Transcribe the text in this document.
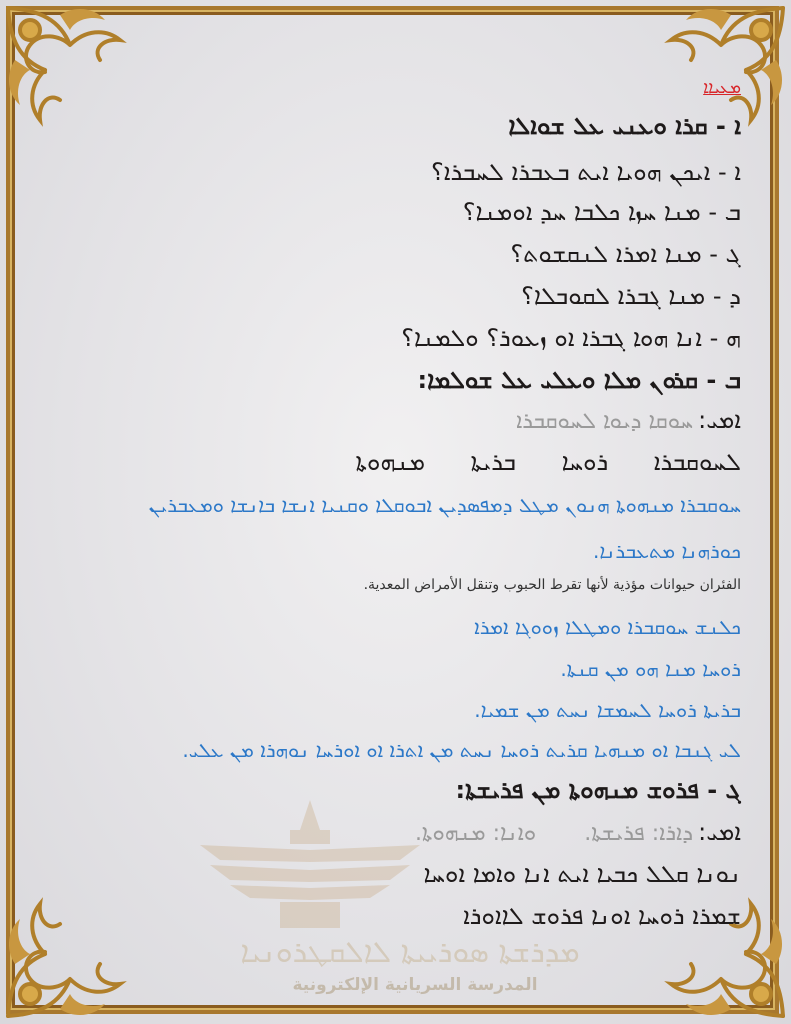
ܡܕܪܫܬܐ ܣܘܪܝܝܬܐ ܠܐܠܩܛܪܘܢܝܐ
المدرسة السريانية الإلكترونية
ܡܥܝܐܐ
ܐ - ܩܪܐ ܘܥܢܝ ܥܠ ܫܘܐܠܐ
ܐ - ܐܝܟܢ ܗܘܝܐ ܐܝܬ ܒܥܒܪܐ ܠܚܒܪܐ؟
ܒ - ܡܢܐ ܚܙܐ ܟܠܒܐ ܚܕ ܐܘܡܢܐ؟
ܓ - ܡܢܐ ܐܡܪܐ ܠܢܩܫܘܬ؟
ܕ - ܡܢܐ ܓܒܪܐ ܠܩܘܒܠܐ؟
ܗ - ܐܢܐ ܗܘܐ ܓܒܪܐ ܐܘ ܙܥܘܪ؟ ܘܠܡܢܐ؟
ܒ - ܩܪܘܢ ܡܠܐ ܘܥܠܝ ܥܠ ܫܘܠܡܐ:
ܐܡܝ: ܚܘܩܐ ܕܝܘܐ ܠܚܘܩܒܪܐ
ܠܚܘܩܒܪܐ ܪܘܚܐ ܒܪܝܬܐ ܡܢܗܘܬܐ
ܚܘܩܒܪܐ ܡܢܗܘܬܐ ܗܢܘܢ ܡܛܠ ܕܡܦܣܕܝܢ ܐܒܘܩܠܐ ܘܩܢܝܐ ܐܢܫܐ ܒܐܢܫܐ ܘܡܥܒܪܝܢ ܟܘܪܗܢܐ ܡܬܥܒܪܢܐ.
الفئران حيوانات مؤذية لأنها تقرط الحبوب وتنقل الأمراض المعدية.
ܟܠܢܫ ܚܘܩܒܪܐ ܘܡܛܠܐ ܙܘܘܓܐ ܐܡܪܐ
ܪܘܚܐ ܡܢܐ ܗܘ ܡܢ ܩܢܬܐ.
ܒܪܝܬܐ ܪܘܚܐ ܠܚܡܫܐ ܢܚܬ ܡܢ ܫܡܝܐ.
ܠܝ ܓܢܒܐ ܐܘ ܡܢܗܝܐ ܩܪܝܬ ܪܘܚܐ ܢܚܬ ܡܢ ܐܬܪܐ ܐܘ ܐܘܪܚܐ ܢܘܗܪܐ ܡܢ ܥܠܝ.
ܓ - ܦܪܘܫ ܡܢܗܘܬܐ ܡܢ ܦܪܝܫܬܐ:
ܐܡܝ: ܕܐܪܐ: ܦܪܝܫܬܐ.  ܘܐܢܐ: ܡܢܗܘܬܐ.
ܢܘܢܐ ܩܠܠ ܟܒܝܐ ܐܝܬ ܐܢܐ ܘܐܡܐ ܐܘܚܐ
ܫܡܪܐ ܪܘܚܐ ܐܘܢܐ ܦܪܘܫ ܠܐܐܘܪܐ
